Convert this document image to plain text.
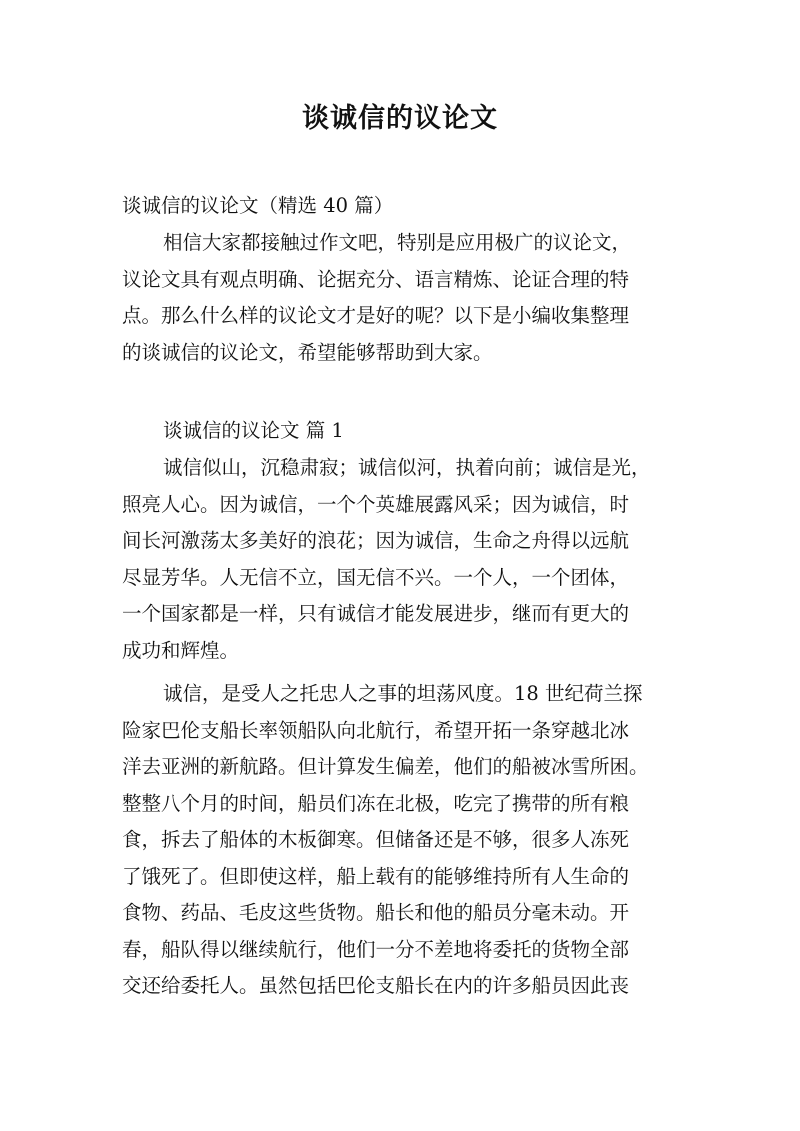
谈诚信的议论文
谈诚信的议论文（精选 40 篇）
相信大家都接触过作文吧，特别是应用极广的议论文，
议论文具有观点明确、论据充分、语言精炼、论证合理的特
点。那么什么样的议论文才是好的呢？以下是小编收集整理
的谈诚信的议论文，希望能够帮助到大家。
谈诚信的议论文 篇 1
诚信似山，沉稳肃寂；诚信似河，执着向前；诚信是光，
照亮人心。因为诚信，一个个英雄展露风采；因为诚信，时
间长河激荡太多美好的浪花；因为诚信，生命之舟得以远航
尽显芳华。人无信不立，国无信不兴。一个人，一个团体，
一个国家都是一样，只有诚信才能发展进步，继而有更大的
成功和辉煌。
诚信，是受人之托忠人之事的坦荡风度。18 世纪荷兰探
险家巴伦支船长率领船队向北航行，希望开拓一条穿越北冰
洋去亚洲的新航路。但计算发生偏差，他们的船被冰雪所困。
整整八个月的时间，船员们冻在北极，吃完了携带的所有粮
食，拆去了船体的木板御寒。但储备还是不够，很多人冻死
了饿死了。但即使这样，船上载有的能够维持所有人生命的
食物、药品、毛皮这些货物。船长和他的船员分毫未动。开
春，船队得以继续航行，他们一分不差地将委托的货物全部
交还给委托人。虽然包括巴伦支船长在内的许多船员因此丧
